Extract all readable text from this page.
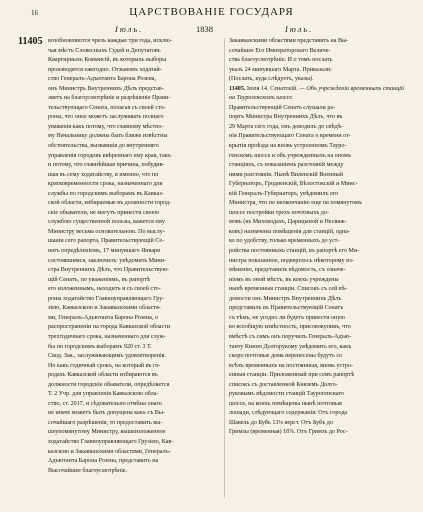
16	ЦАРСТВОВАНІЕ ГОСУДАРЯ
Іюль.	1838	Іюль.
11405 возобновляются чрезъ каждые три года, исклю-
чая мѣстъ Словесныхъ Судей и Депутатовъ
Квартирныхъ Коммисій, въ которыхъ выборы
производятся ежегодно. Отзывомъ ходатай-
ство Генералъ-Адъютанта Барона Розена,
онъ Министръ Внутреннихъ Дѣлъ представ-
ляетъ на благоусмотрѣніе и разрѣшеніе Прави-
тельствующаго Сената, полагая съ своей сто-
роны, что оное можетъ заслуживать полнаго
уваженія какъ потому, что главному мѣстно-
му Начальнику должны быть ближе извѣстны
обстоятельства, вызвавшія до внутренняго
управленія городовъ ввѣреннаго ему края, такъ
и потому, что главнѣйшая причина, побудив-
шая въ сему ходатайству, и именно, что по
кратковременности срока, назначеннаго для
службы по городскимъ выборамъ въ Кавказ-
ской области, избираемые въ должности город-
скіе обыватели, не могутъ принести своею
службою существенной пользы, кажется ему
Министру весьма основательною. По выслу-
шаніи сего рапорта, Правительствующій Се-
натъ опредѣленіемъ, 17 минувшаго Января
состоявшимся, заключилъ: увѣдомить Мини-
стра Внутреннихъ Дѣлъ, что Правительствую-
щій Сенатъ, по уваженіямъ, въ рапортѣ
его изложеннымъ, находитъ и съ своей сто-
роны ходатайство Главноуправляющаго Гру-
зіею, Кавказскою и Закавказскими областя-
ми, Генералъ-Адъютанта Барона Розена, о
распространеніи на города Кавказской области
трехгодичнаго срока, назначеннаго для служ-
бы по городскимъ выборамъ 920 ст. 3 Т.
Свод. Зак., заслуживающимъ удовлетворенія.
Но какъ годичный срокъ, на который въ го-
родахъ Кавказской области избираются въ
должности городскіе обыватели, опредѣляется
Т. 2 Учр. для управленія Кавказскою обла-
стію, ст. 2017, и сѣдовательно отмѣна онаго
не иначе можетъ быть допущена какъ съ Вы-
сочайшаго разрѣшенія, то предоставить вы-
шеупомянутому Министру, вышеизложенное
ходатайство Главноуправляющаго Грузіею, Кав-
казскою и Закавказскими областями, Генералъ-
Адъютанта Барона Розена, представить на
Высочайшее благоусмотрѣніе.
Закавказскими областями представить на Вы-
сочайшее Его Императорскаго Величе-
ства благоусмотрѣніе. И о томъ послать
указъ 24 минувшаго Марта. Приказали:
(Послать, куда слѣдуетъ, указы).

11405. Іюля 14. Сенатскій. — Объ учрежденіи временныхъ станцій на Таурогенскомъ шоссе.

Правительствующій Сенатъ слушали ра-
портъ Министра Внутреннихъ Дѣлъ, что въ
29 Марта сего года, онъ доводилъ до свѣдѣ-
нія Правительствующаго Сената о времени от-
крытія проѣзда на вновь устроенномъ Тауро-
генскомъ шоссе и объ учрежденныхъ на ономъ
станціяхъ, съ показаніемъ разстояній между
ними разстоянія. Нынѣ Виленскій Военный
Губернаторъ, Гродненскій, Бѣлостокскій и Минс-
кій Генералъ-Губернаторъ, увѣдомилъ его
Министра, что по неокончанію еще на помянутомъ
шоссе постройки трехъ почтовыхъ до-
мовъ (въ Миховодахъ, Царицыной и Несвиж-
ковъ) назначены помѣщенія для станцій, одна-
ко по удобству, только временныхъ до уст-
ройства постоянныхъ станцій, въ рапортѣ его Ми-
нистра показанное, подверглось нѣкоторому из-
мѣненію, представилъ вѣдомость, съ означе-
ніемъ въ оной мѣстъ, въ коихъ учреждены
нынѣ временныя станціи. Списокъ съ сей вѣ-
домости онъ Министръ Внутреннихъ Дѣлъ
представилъ въ Правительствующій Сенатъ
съ тѣмъ, не угодно ли будетъ привести оную
во всеобщую извѣстность, присовокупивъ, что
вмѣстѣ съ симъ онъ поручилъ Генералъ-Адъю-
танту Князю Долгорукому увѣдомить его, какъ
скоро почтовые дома перенесены будутъ со
всѣхъ временныхъ на постоянныя, вновь устро-
енныя станціи. Приложенный при семъ рапортѣ
списокъ съ доставленной Княземъ Долго-
руковымъ вѣдомости станцій Таурогенскаго
шоссе, на коихъ помѣщены нынѣ почтовыя
лошади, слѣдующаго содержанія: Отъ города
Шавель до Бубъ 13⅛ верст. Отъ Бубъ до
Гримзы (временная) 18⅞. Отъ Гримзъ до Рос-
